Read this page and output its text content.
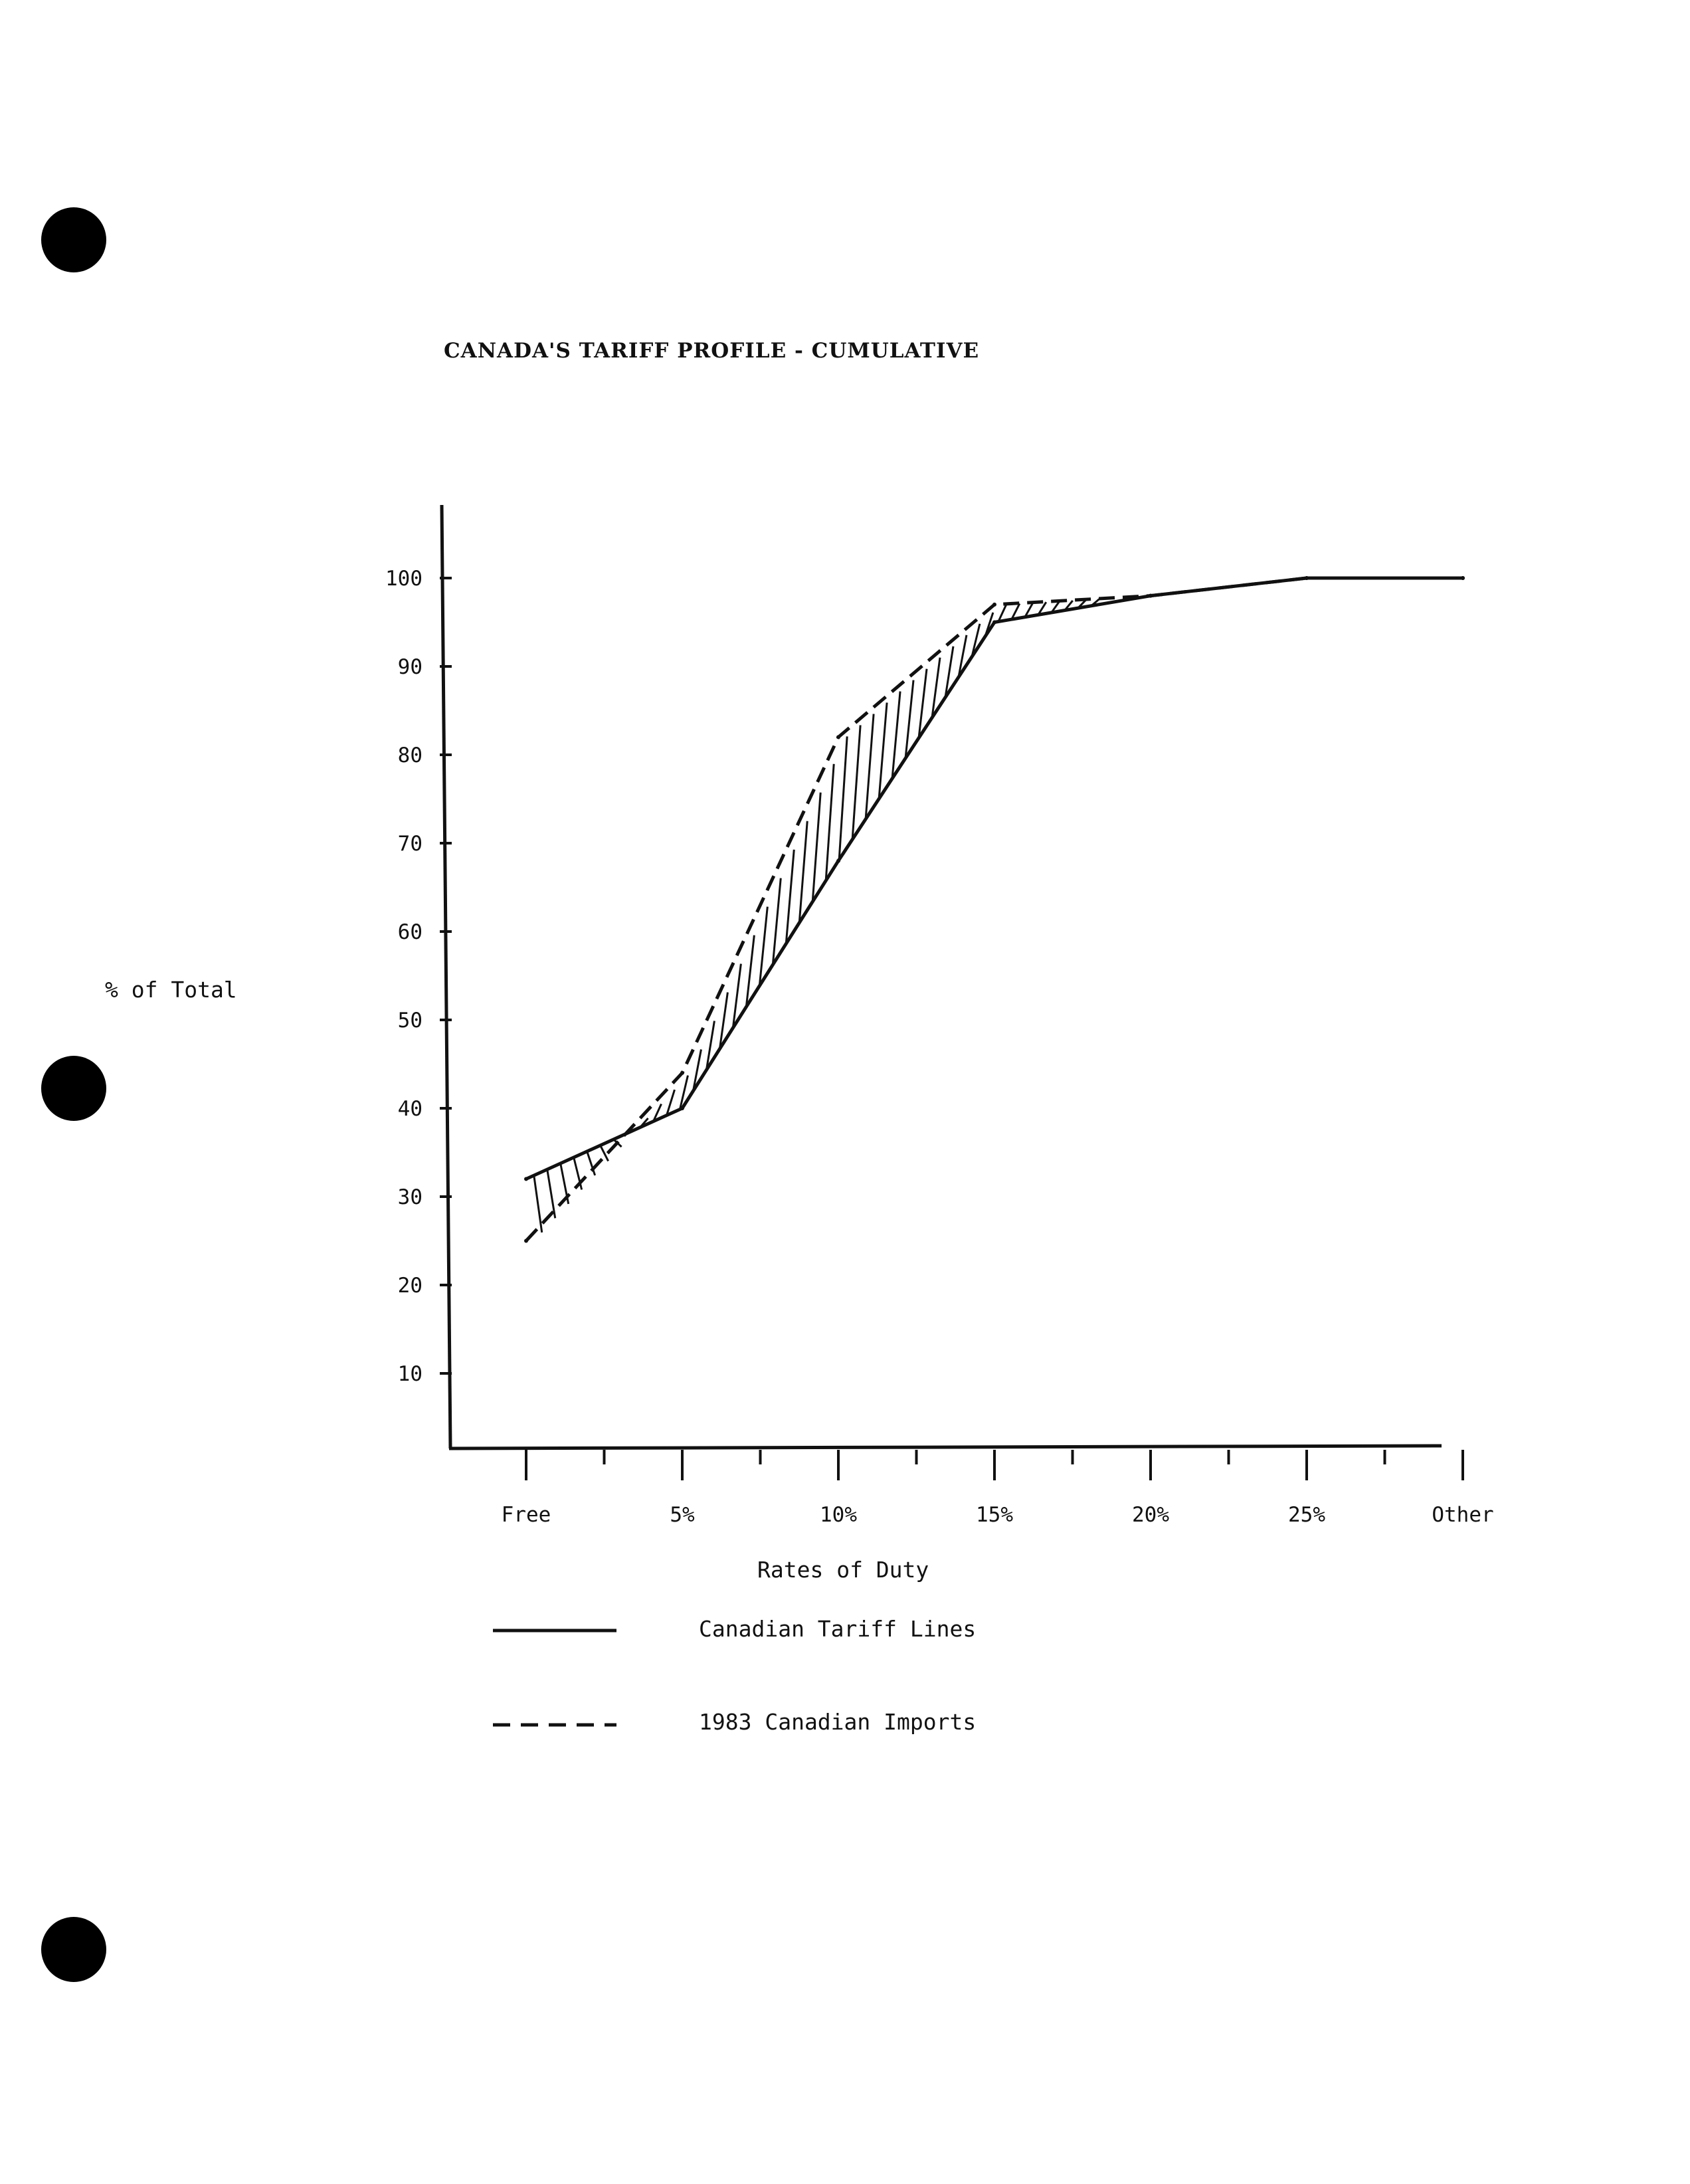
CANADA'S TARIFF PROFILE - CUMULATIVE
% of Total
Rates of Duty
Canadian Tariff Lines
1983 Canadian Imports
10
20
30
40
50
60
70
80
90
100
Free	5%	10%	15%	20%	25%	Other
